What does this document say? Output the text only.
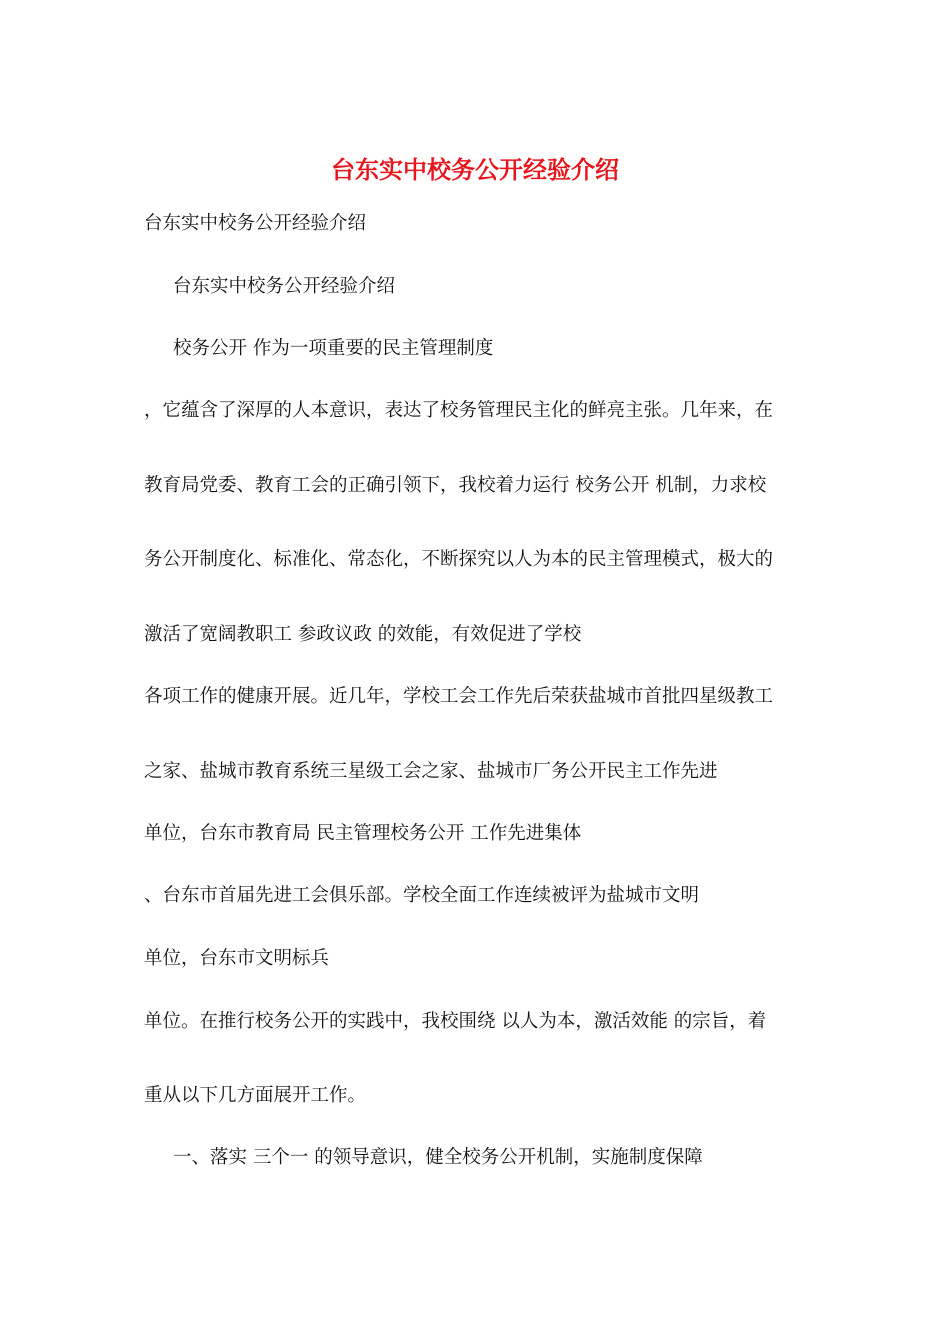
台东实中校务公开经验介绍
台东实中校务公开经验介绍
台东实中校务公开经验介绍
校务公开 作为一项重要的民主管理制度
，它蕴含了深厚的人本意识，表达了校务管理民主化的鲜亮主张。几年来，在
教育局党委、教育工会的正确引领下，我校着力运行 校务公开 机制，力求校
务公开制度化、标准化、常态化，不断探究以人为本的民主管理模式，极大的
激活了宽阔教职工 参政议政 的效能，有效促进了学校
各项工作的健康开展。近几年，学校工会工作先后荣获盐城市首批四星级教工
之家、盐城市教育系统三星级工会之家、盐城市厂务公开民主工作先进
单位，台东市教育局 民主管理校务公开 工作先进集体
、台东市首届先进工会俱乐部。学校全面工作连续被评为盐城市文明
单位，台东市文明标兵
单位。在推行校务公开的实践中，我校围绕 以人为本，激活效能 的宗旨，着
重从以下几方面展开工作。
一、落实 三个一 的领导意识，健全校务公开机制，实施制度保障
